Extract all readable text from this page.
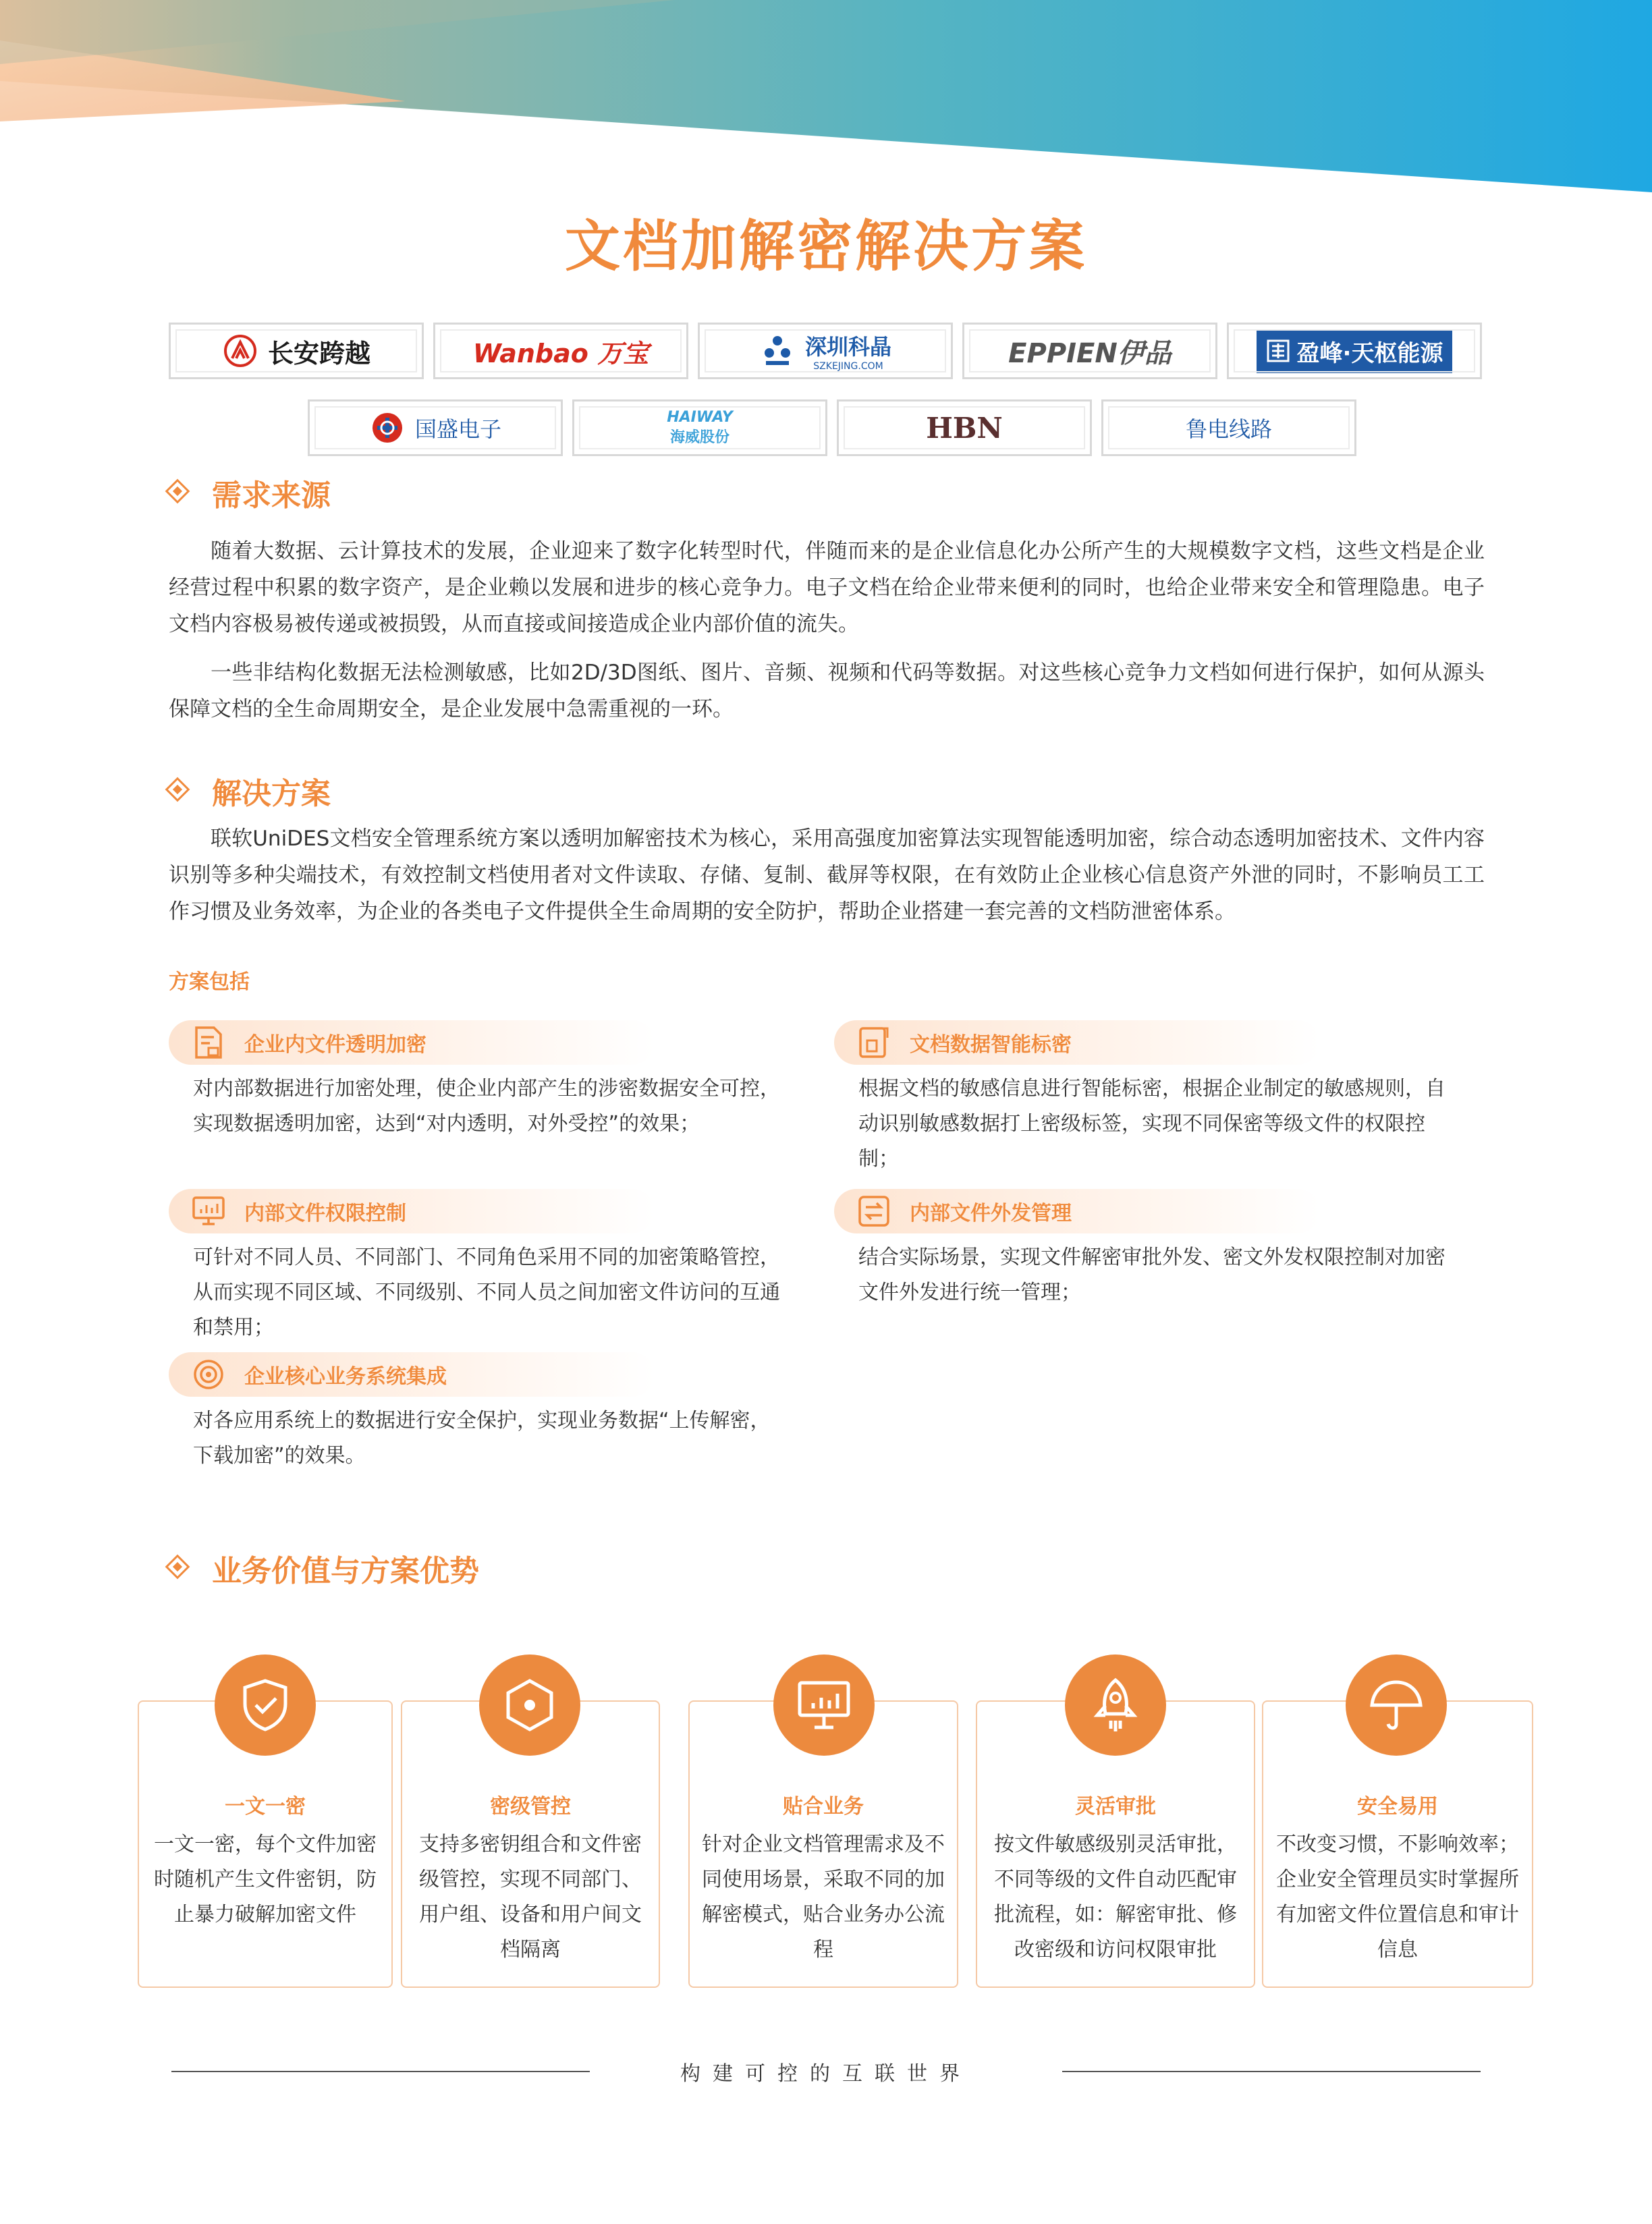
文档加解密解决方案
长安跨越	Wanbao 万宝	深圳科晶
SZKEJING.COM	EPPIEN伊品	盈峰·天枢能源
国盛电子	HAIWAY
海威股份	HBN	鲁电线路
需求来源
随着大数据、云计算技术的发展，企业迎来了数字化转型时代，伴随而来的是企业信息化办公所产生的大规模数字文档，这些文档是企业经营过程中积累的数字资产，是企业赖以发展和进步的核心竞争力。电子文档在给企业带来便利的同时，也给企业带来安全和管理隐患。电子文档内容极易被传递或被损毁，从而直接或间接造成企业内部价值的流失。
一些非结构化数据无法检测敏感，比如2D/3D图纸、图片、音频、视频和代码等数据。对这些核心竞争力文档如何进行保护，如何从源头保障文档的全生命周期安全，是企业发展中急需重视的一环。
解决方案
联软UniDES文档安全管理系统方案以透明加解密技术为核心，采用高强度加密算法实现智能透明加密，综合动态透明加密技术、文件内容识别等多种尖端技术，有效控制文档使用者对文件读取、存储、复制、截屏等权限，在有效防止企业核心信息资产外泄的同时，不影响员工工作习惯及业务效率，为企业的各类电子文件提供全生命周期的安全防护，帮助企业搭建一套完善的文档防泄密体系。
方案包括
企业内文件透明加密
对内部数据进行加密处理，使企业内部产生的涉密数据安全可控，实现数据透明加密，达到“对内透明，对外受控”的效果；
文档数据智能标密
根据文档的敏感信息进行智能标密，根据企业制定的敏感规则，自动识别敏感数据打上密级标签，实现不同保密等级文件的权限控制；
内部文件权限控制
可针对不同人员、不同部门、不同角色采用不同的加密策略管控，从而实现不同区域、不同级别、不同人员之间加密文件访问的互通和禁用；
内部文件外发管理
结合实际场景，实现文件解密审批外发、密文外发权限控制对加密文件外发进行统一管理；
企业核心业务系统集成
对各应用系统上的数据进行安全保护，实现业务数据“上传解密，下载加密”的效果。
业务价值与方案优势
一文一密
一文一密，每个文件加密时随机产生文件密钥，防止暴力破解加密文件
密级管控
支持多密钥组合和文件密级管控，实现不同部门、用户组、设备和用户间文档隔离
贴合业务
针对企业文档管理需求及不同使用场景，采取不同的加解密模式，贴合业务办公流程
灵活审批
按文件敏感级别灵活审批，不同等级的文件自动匹配审批流程，如：解密审批、修改密级和访问权限审批
安全易用
不改变习惯，不影响效率；企业安全管理员实时掌握所有加密文件位置信息和审计信息
构建可控的互联世界
